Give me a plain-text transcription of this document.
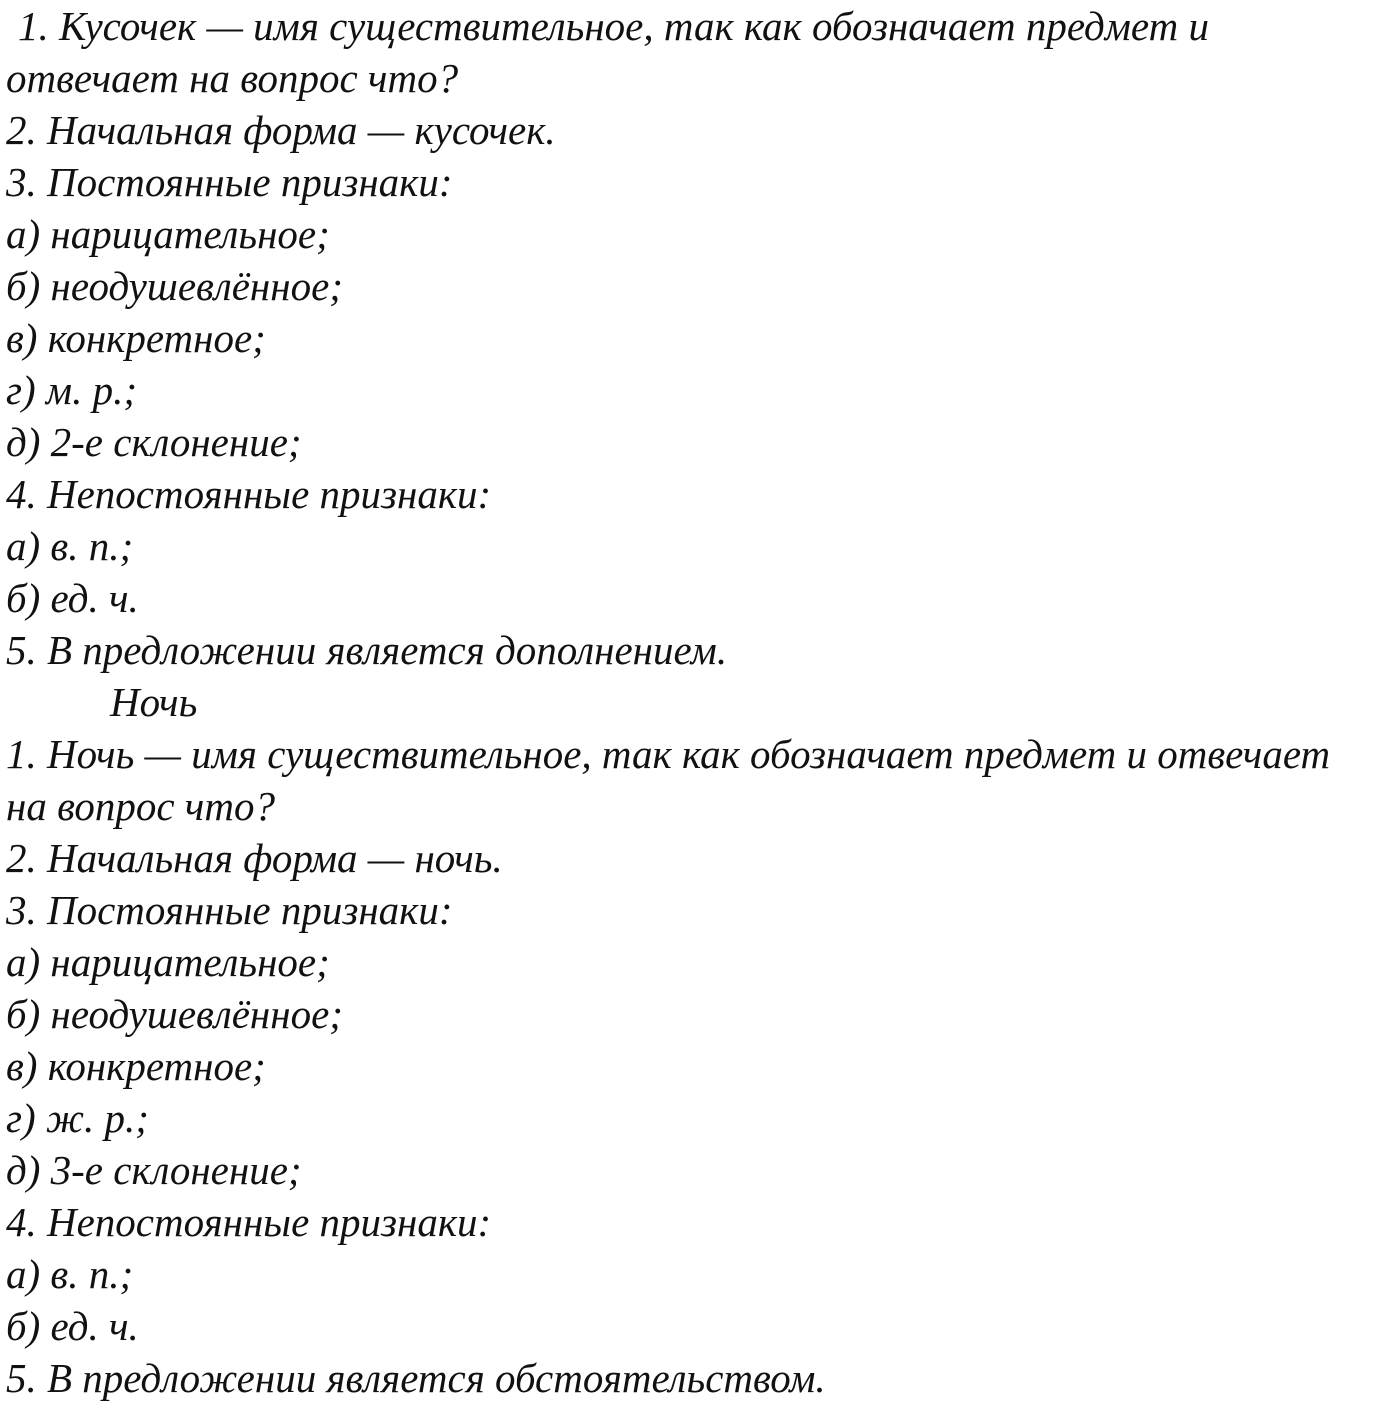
1. Кусочек — имя существительное, так как обозначает предмет и
отвечает на вопрос что?
2. Начальная форма — кусочек.
3. Постоянные признаки:
а) нарицательное;
б) неодушевлённое;
в) конкретное;
г) м. р.;
д) 2-е склонение;
4. Непостоянные признаки:
а) в. п.;
б) ед. ч.
5. В предложении является дополнением.
Ночь
1. Ночь — имя существительное, так как обозначает предмет и отвечает
на вопрос что?
2. Начальная форма — ночь.
3. Постоянные признаки:
а) нарицательное;
б) неодушевлённое;
в) конкретное;
г) ж. р.;
д) 3-е склонение;
4. Непостоянные признаки:
а) в. п.;
б) ед. ч.
5. В предложении является обстоятельством.
